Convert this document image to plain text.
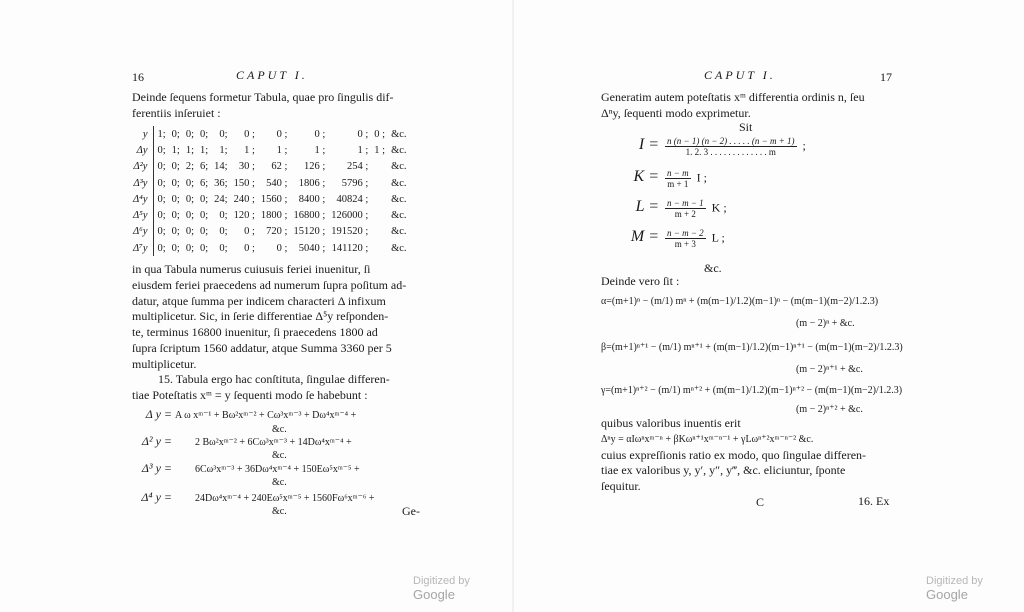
16	CAPUT I.
Deinde ſequens formetur Tabula, quae pro ſingulis dif-
ferentiis inſeruiet :
y	1;	0;	0;	0;	0;	0 ;	0 ;	0 ;	0 ;	0 ;	&c.
Δy	0;	1;	1;	1;	1;	1 ;	1 ;	1 ;	1 ;	1 ;	&c.
Δ²y	0;	0;	2;	6;	14;	30 ;	62 ;	126 ;	254 ;		&c.
Δ³y	0;	0;	0;	6;	36;	150 ;	540 ;	1806 ;	5796 ;		&c.
Δ⁴y	0;	0;	0;	0;	24;	240 ;	1560 ;	8400 ;	40824 ;		&c.
Δ⁵y	0;	0;	0;	0;	0;	120 ;	1800 ;	16800 ;	126000 ;		&c.
Δ⁶y	0;	0;	0;	0;	0;	0 ;	720 ;	15120 ;	191520 ;		&c.
Δ⁷y	0;	0;	0;	0;	0;	0 ;	0 ;	5040 ;	141120 ;		&c.
in qua Tabula numerus cuiusuis feriei inuenitur, ſi
eiusdem feriei praecedens ad numerum ſupra poſitum ad-
datur, atque ſumma per indicem characteri Δ infixum
multiplicetur. Sic, in ſerie differentiae Δ⁵y reſponden-
te, terminus 16800 inuenitur, ſi praecedens 1800 ad
ſupra ſcriptum 1560 addatur, atque Summa 3360 per 5
multiplicetur.
15. Tabula ergo hac conſtituta, ſingulae differen-
tiae Poteſtatis xᵐ = y ſequenti modo ſe habebunt :
Δ y = A ω xᵐ⁻¹ + Bω²xᵐ⁻² + Cω³xᵐ⁻³ + Dω⁴xᵐ⁻⁴ +
&c.
Δ² y = 2 Bω²xᵐ⁻² + 6Cω³xᵐ⁻³ + 14Dω⁴xᵐ⁻⁴ +
&c.
Δ³ y = 6Cω³xᵐ⁻³ + 36Dω⁴xᵐ⁻⁴ + 150Eω⁵xᵐ⁻⁵ +
&c.
Δ⁴ y = 24Dω⁴xᵐ⁻⁴ + 240Eω⁵xᵐ⁻⁵ + 1560Fω⁶xᵐ⁻⁶ +
&c.	Ge-
Digitized by Google
CAPUT I.	17
Generatim autem poteſtatis xᵐ differentia ordinis n, ſeu
Δⁿy, ſequenti modo exprimetur.
Sit
$I = \frac{n (n - 1) (n - 2) . . . . . (n - m + 1)}{1. 2. 3 . . . . . . . . . . . . . m}$ ;
$K = \frac{n - m}{m + 1}$ I ;
$L = \frac{n - m - 1}{m + 2}$ K ;
$M = \frac{n - m - 2}{m + 3}$ L ;
&c.
Deinde vero ſit :
α=(m+1)ⁿ − (m/1) mⁿ + (m(m−1)/1.2)(m−1)ⁿ − (m(m−1)(m−2)/1.2.3)
(m − 2)ⁿ + &c.
β=(m+1)ⁿ⁺¹ − (m/1) mⁿ⁺¹ + (m(m−1)/1.2)(m−1)ⁿ⁺¹ − (m(m−1)(m−2)/1.2.3)
(m − 2)ⁿ⁺¹ + &c.
γ=(m+1)ⁿ⁺² − (m/1) mⁿ⁺² + (m(m−1)/1.2)(m−1)ⁿ⁺² − (m(m−1)(m−2)/1.2.3)
(m − 2)ⁿ⁺² + &c.
quibus valoribus inuentis erit
Δⁿy = αIωⁿxᵐ⁻ⁿ + βKωⁿ⁺¹xᵐ⁻ⁿ⁻¹ + γLωⁿ⁺²xᵐ⁻ⁿ⁻² &c.
cuius expreſſionis ratio ex modo, quo ſingulae differen-
tiae ex valoribus y, y′, y″, y‴, &c. eliciuntur, ſponte
ſequitur.
C	16. Ex
Digitized by Google
